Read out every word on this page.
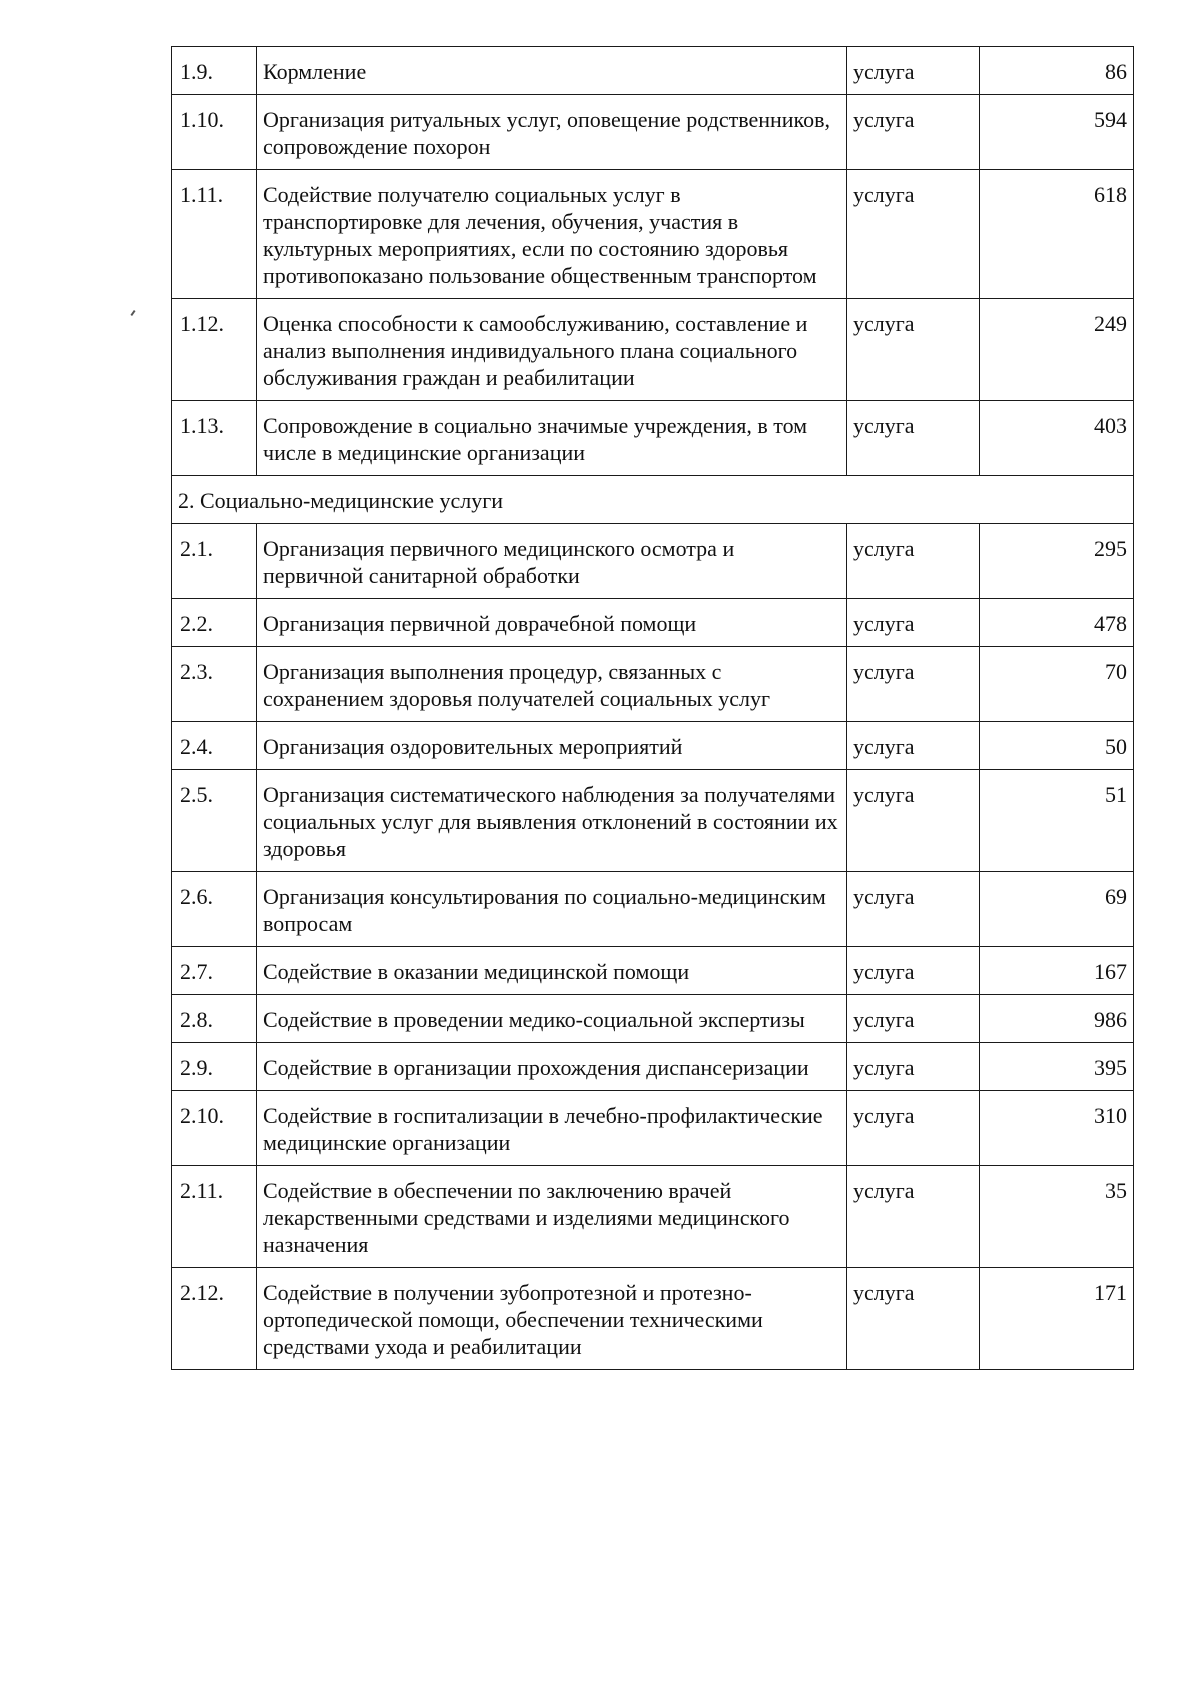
1.9.	Кормление	услуга	86
1.10.	Организация ритуальных услуг, оповещение родственников, сопровождение похорон	услуга	594
1.11.	Содействие получателю социальных услуг в транспортировке для лечения, обучения, участия в культурных мероприятиях, если по состоянию здоровья противопоказано пользование общественным транспортом	услуга	618
1.12.	Оценка способности к самообслуживанию, составление и анализ выполнения индивидуального плана социального обслуживания граждан и реабилитации	услуга	249
1.13.	Сопровождение в социально значимые учреждения, в том числе в медицинские организации	услуга	403
2. Социально-медицинские услуги			
2.1.	Организация первичного медицинского осмотра и первичной санитарной обработки	услуга	295
2.2.	Организация первичной доврачебной помощи	услуга	478
2.3.	Организация выполнения процедур, связанных с сохранением здоровья получателей социальных услуг	услуга	70
2.4.	Организация оздоровительных мероприятий	услуга	50
2.5.	Организация систематического наблюдения за получателями социальных услуг для выявления отклонений в состоянии их здоровья	услуга	51
2.6.	Организация консультирования по социально-медицинским вопросам	услуга	69
2.7.	Содействие в оказании медицинской помощи	услуга	167
2.8.	Содействие в проведении медико-социальной экспертизы	услуга	986
2.9.	Содействие в организации прохождения диспансеризации	услуга	395
2.10.	Содействие в госпитализации в лечебно-профилактические медицинские организации	услуга	310
2.11.	Содействие в обеспечении по заключению врачей лекарственными средствами и изделиями медицинского назначения	услуга	35
2.12.	Содействие в получении зубопротезной и протезно-ортопедической помощи, обеспечении техническими средствами ухода и реабилитации	услуга	171
